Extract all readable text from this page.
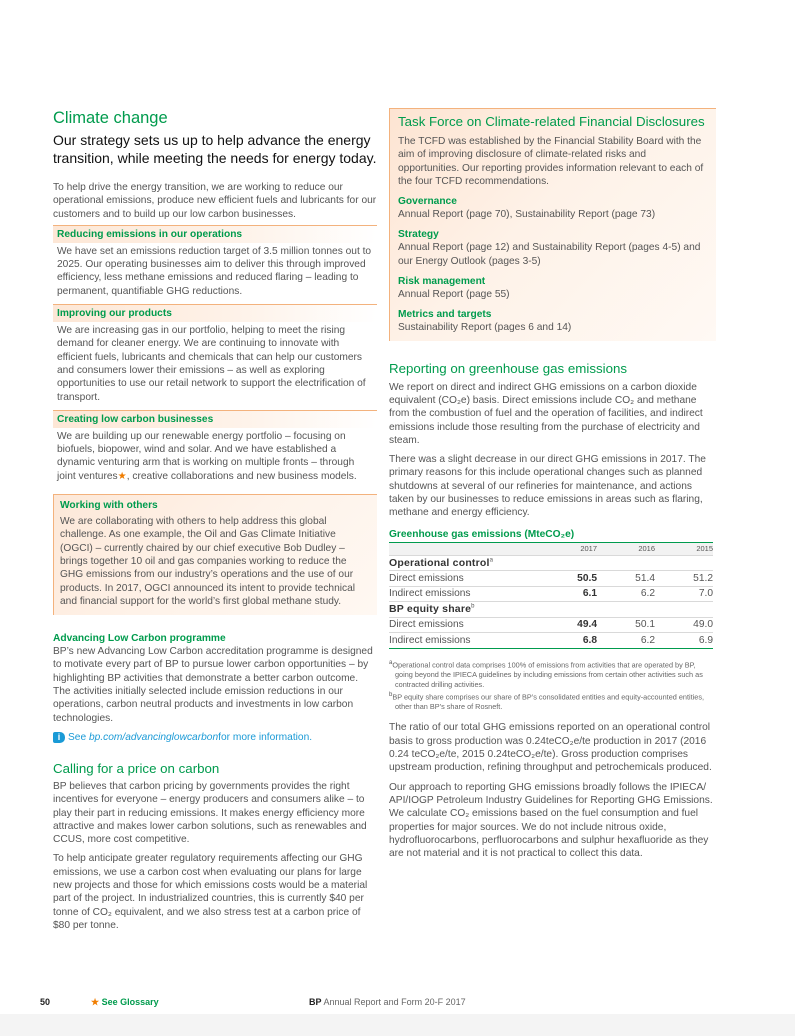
Climate change
Our strategy sets us up to help advance the energy transition, while meeting the needs for energy today.

To help drive the energy transition, we are working to reduce our operational emissions, produce new efficient fuels and lubricants for our customers and to build up our low carbon businesses.

Reducing emissions in our operations

We have set an emissions reduction target of 3.5 million tonnes out to 2025. Our operating businesses aim to deliver this through improved efficiency, less methane emissions and reduced flaring – leading to permanent, quantifiable GHG reductions.

Improving our products

We are increasing gas in our portfolio, helping to meet the rising demand for cleaner energy. We are continuing to innovate with efficient fuels, lubricants and chemicals that can help our customers and consumers lower their emissions – as well as exploring opportunities to use our retail network to support the electrification of transport.

Creating low carbon businesses

We are building up our renewable energy portfolio – focusing on biofuels, biopower, wind and solar. And we have established a dynamic venturing arm that is working on multiple fronts – through joint ventures★, creative collaborations and new business models.

Working with others

We are collaborating with others to help address this global challenge. As one example, the Oil and Gas Climate Initiative (OGCI) – currently chaired by our chief executive Bob Dudley – brings together 10 oil and gas companies working to reduce the GHG emissions from our industry’s operations and the use of our products. In 2017, OGCI announced its intent to provide technical and financial support for the world’s first global methane study.

Advancing Low Carbon programme

BP’s new Advancing Low Carbon accreditation programme is designed to motivate every part of BP to pursue lower carbon opportunities – by highlighting BP activities that demonstrate a better carbon outcome. The activities initially selected include emission reductions in our operations, carbon neutral products and investments in low carbon technologies.

i See
bp.com/advancinglowcarbon for more information.
Calling for a price on carbon

BP believes that carbon pricing by governments provides the right incentives for everyone – energy producers and consumers alike – to play their part in reducing emissions. It makes energy efficiency more attractive and makes lower carbon solutions, such as renewables and CCUS, more cost competitive.

To help anticipate greater regulatory requirements affecting our GHG emissions, we use a carbon cost when evaluating our plans for large new projects and those for which emissions costs would be a material part of the project. In industrialized countries, this is currently $40 per tonne of CO₂ equivalent, and we also stress test at a carbon price of $80 per tonne.

Task Force on Climate-related Financial Disclosures

The TCFD was established by the Financial Stability Board with the aim of improving disclosure of climate-related risks and opportunities. Our reporting provides information relevant to each of the four TCFD recommendations.

Governance

Annual Report (page 70), Sustainability Report (page 73)

Strategy

Annual Report (page 12) and Sustainability Report (pages 4-5) and our Energy Outlook (pages 3-5)

Risk management

Annual Report (page 55)

Metrics and targets

Sustainability Report (pages 6 and 14)

Reporting on greenhouse gas emissions

We report on direct and indirect GHG emissions on a carbon dioxide equivalent (CO₂e) basis. Direct emissions include CO₂ and methane from the combustion of fuel and the operation of facilities, and indirect emissions include those resulting from the purchase of electricity and steam.

There was a slight decrease in our direct GHG emissions in 2017. The primary reasons for this include operational changes such as planned shutdowns at several of our refineries for maintenance, and actions taken by our businesses to reduce emissions in areas such as flaring, methane and energy efficiency.

Greenhouse gas emissions (MteCO₂e)
	2017	2016	2015
Operational control$^a$
Direct emissions	50.5	51.4	51.2
Indirect emissions	6.1	6.2	7.0
BP equity share$^b$
Direct emissions	49.4	50.1	49.0
Indirect emissions	6.8	6.2	6.9
$^a$Operational control data comprises 100% of emissions from activities that are operated by BP, going beyond the IPIECA guidelines by including emissions from certain other activities such as contracted drilling activities.
$^b$BP equity share comprises our share of BP’s consolidated entities and equity-accounted entities, other than BP’s share of Rosneft.

The ratio of our total GHG emissions reported on an operational control basis to gross production was 0.24teCO₂e/te production in 2017 (2016 0.24 teCO₂e/te, 2015 0.24teCO₂e/te). Gross production comprises upstream production, refining throughput and petrochemicals produced.

Our approach to reporting GHG emissions broadly follows the IPIECA/ API/IOGP Petroleum Industry Guidelines for Reporting GHG Emissions. We calculate CO₂ emissions based on the fuel consumption and fuel properties for major sources. We do not include nitrous oxide, hydrofluorocarbons, perfluorocarbons and sulphur hexafluoride as they are not material and it is not practical to collect this data.

50	★ See Glossary	BP Annual Report and Form 20-F 2017
